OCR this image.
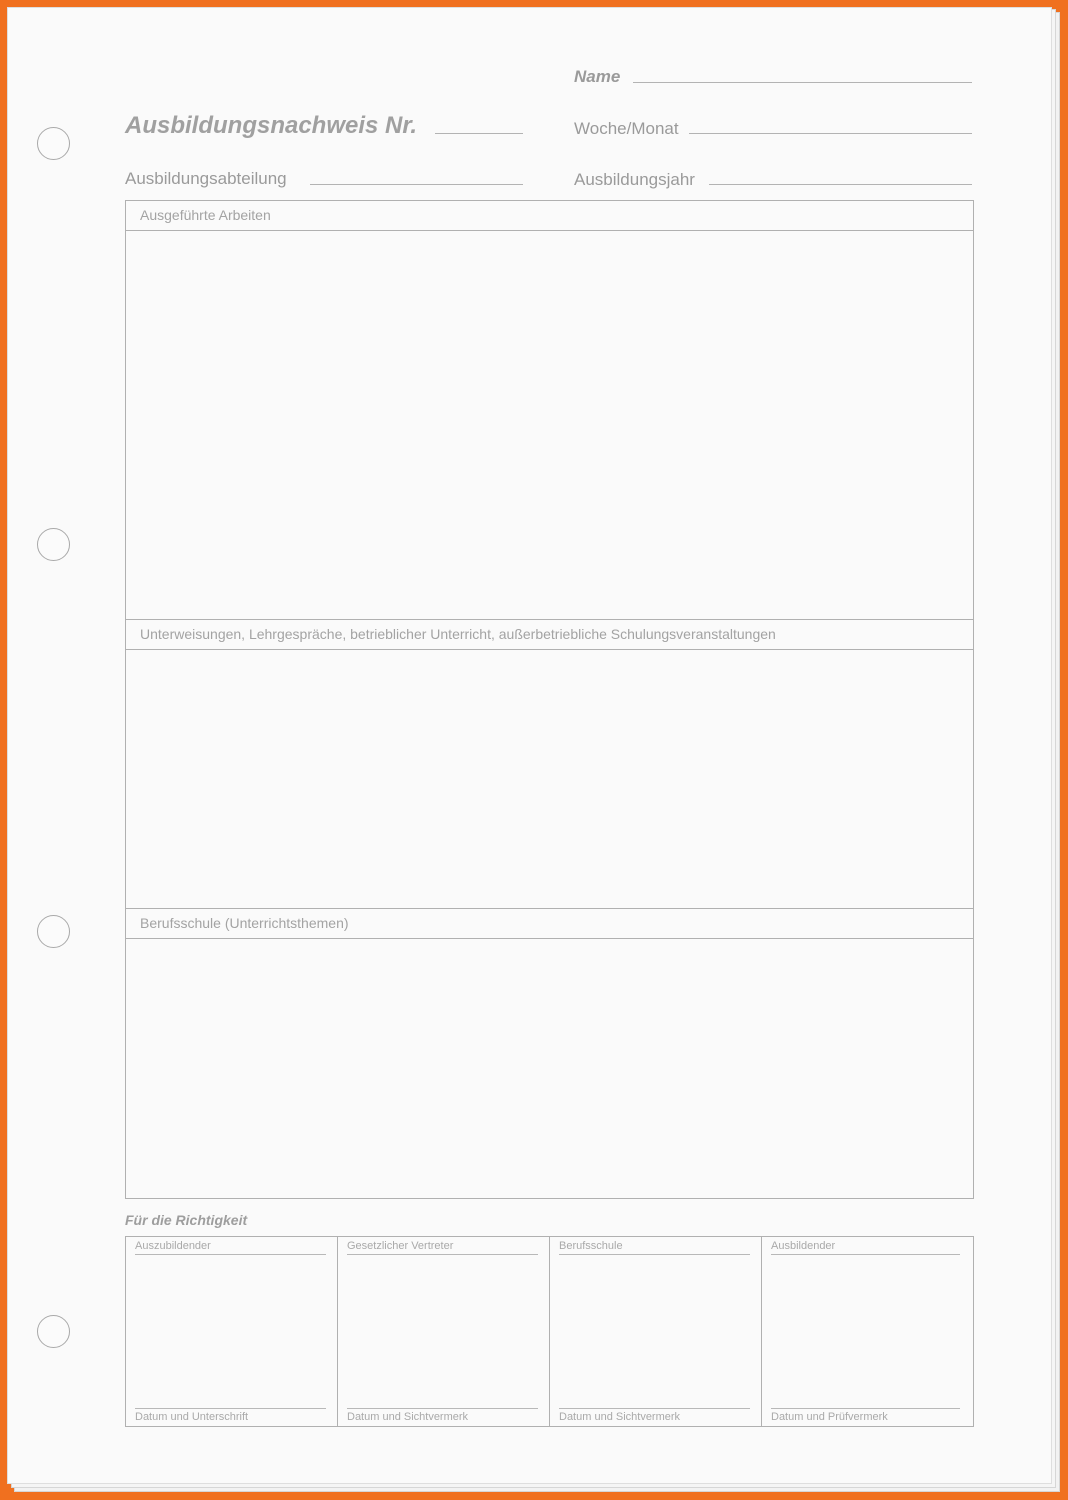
Name
Ausbildungsnachweis Nr.	Woche/Monat
Ausbildungsabteilung	Ausbildungsjahr
Ausgeführte Arbeiten
Unterweisungen, Lehrgespräche, betrieblicher Unterricht, außerbetriebliche Schulungsveranstaltungen
Berufsschule (Unterrichtsthemen)
Für die Richtigkeit
Auszubildender
Datum und Unterschrift
Gesetzlicher Vertreter
Datum und Sichtvermerk
Berufsschule
Datum und Sichtvermerk
Ausbildender
Datum und Prüfvermerk
